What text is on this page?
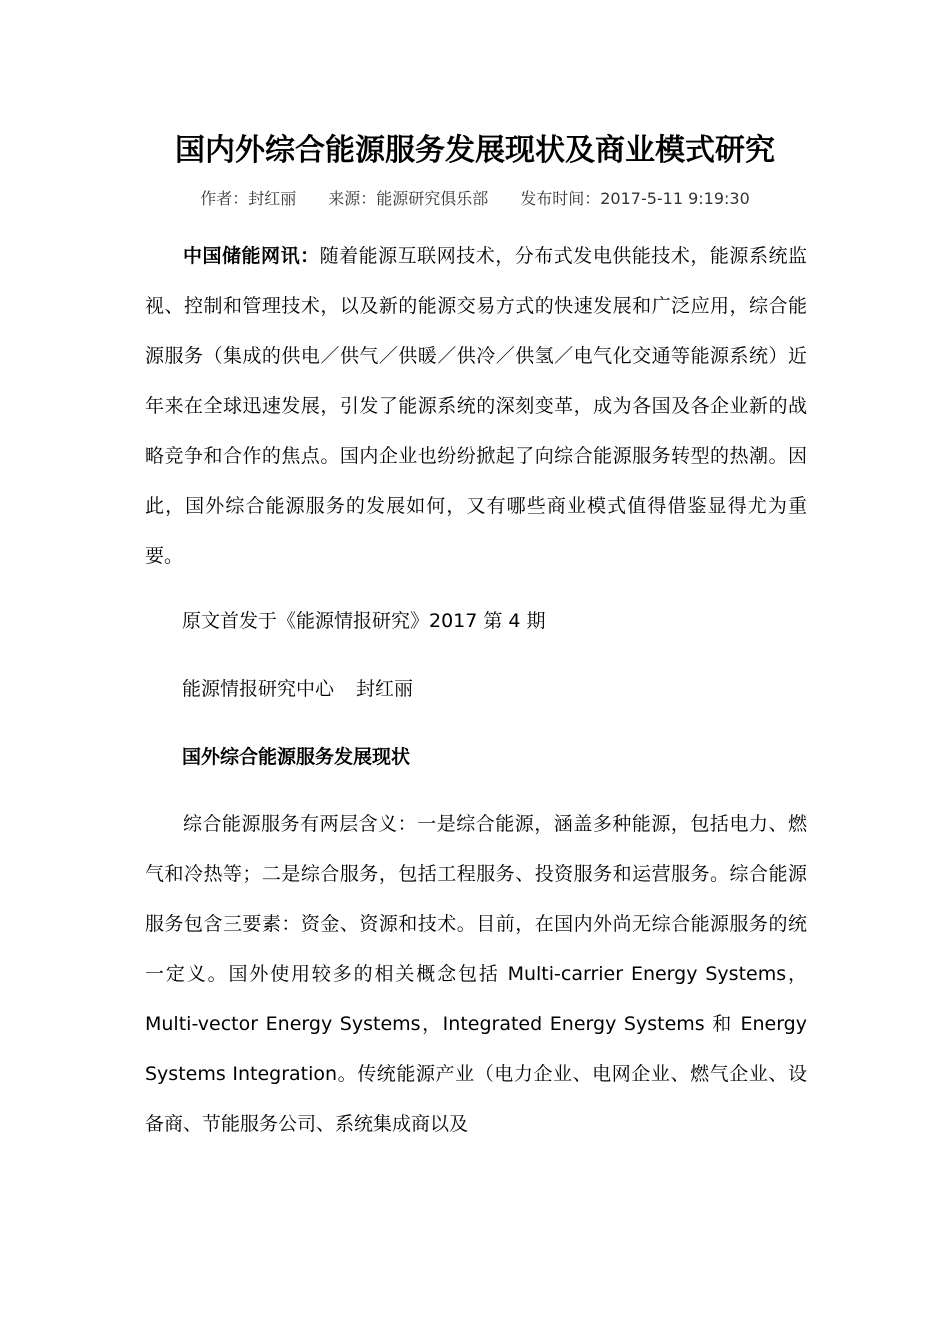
国内外综合能源服务发展现状及商业模式研究
作者：封红丽 来源：能源研究俱乐部 发布时间：2017-5-11 9:19:30
中国储能网讯：随着能源互联网技术，分布式发电供能技术，能源系统监视、控制和管理技术，以及新的能源交易方式的快速发展和广泛应用，综合能源服务（集成的供电／供气／供暖／供冷／供氢／电气化交通等能源系统）近年来在全球迅速发展，引发了能源系统的深刻变革，成为各国及各企业新的战略竞争和合作的焦点。国内企业也纷纷掀起了向综合能源服务转型的热潮。因此，国外综合能源服务的发展如何，又有哪些商业模式值得借鉴显得尤为重要。
原文首发于《能源情报研究》2017 第 4 期
能源情报研究中心 封红丽
国外综合能源服务发展现状
综合能源服务有两层含义：一是综合能源，涵盖多种能源，包括电力、燃气和冷热等；二是综合服务，包括工程服务、投资服务和运营服务。综合能源服务包含三要素：资金、资源和技术。目前，在国内外尚无综合能源服务的统一定义。国外使用较多的相关概念包括 Multi-carrier Energy Systems，Multi-vector Energy Systems，Integrated Energy Systems 和 Energy Systems Integration。传统能源产业（电力企业、电网企业、燃气企业、设备商、节能服务公司、系统集成商以及
